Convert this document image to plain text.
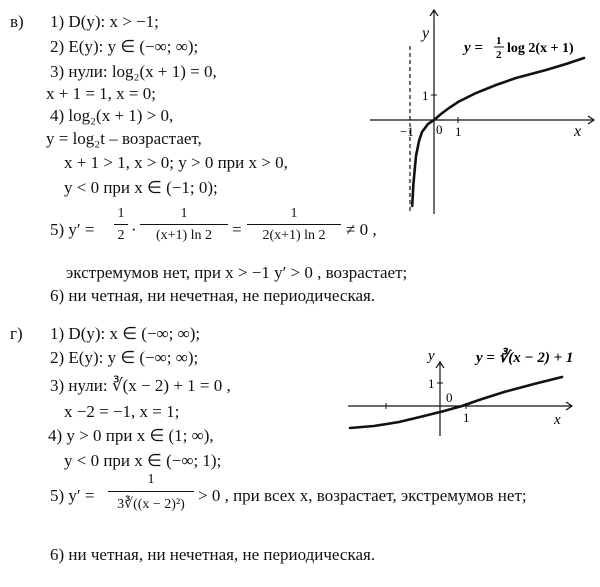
в) 1) D(y): x > −1;
2) E(y): y ∈ (−∞; ∞);
3) нули: log₂(x + 1) = 0,
x + 1 = 1, x = 0;
4) log₂(x + 1) > 0,
y = log₂t – возрастает,
x + 1 > 1, x > 0; y > 0 при x > 0,
y < 0 при x ∈ (−1; 0);
5) y′ =
1
2 ·
1
(x+1) ln 2	=
1
2(x+1) ln 2	≠ 0 ,
экстремумов нет, при x > −1 y′ > 0 , возрастает;
6) ни четная, ни нечетная, не периодическая.
y
x
1
−1 0 1
y = 1
2 log 2(x + 1)
г) 1) D(y): x ∈ (−∞; ∞);
2) E(y): y ∈ (−∞; ∞);
3) нули: ∛(x − 2) + 1 = 0 ,
x −2 = −1, x = 1;
4) y > 0 при x ∈ (1; ∞),
y < 0 при x ∈ (−∞; 1);
5) y′ =
1
3∛((x − 2)²) > 0 , при всех x, возрастает, экстремумов нет;
6) ни четная, ни нечетная, не периодическая.
y
x
1
0
1
y = ∛(x − 2) + 1
